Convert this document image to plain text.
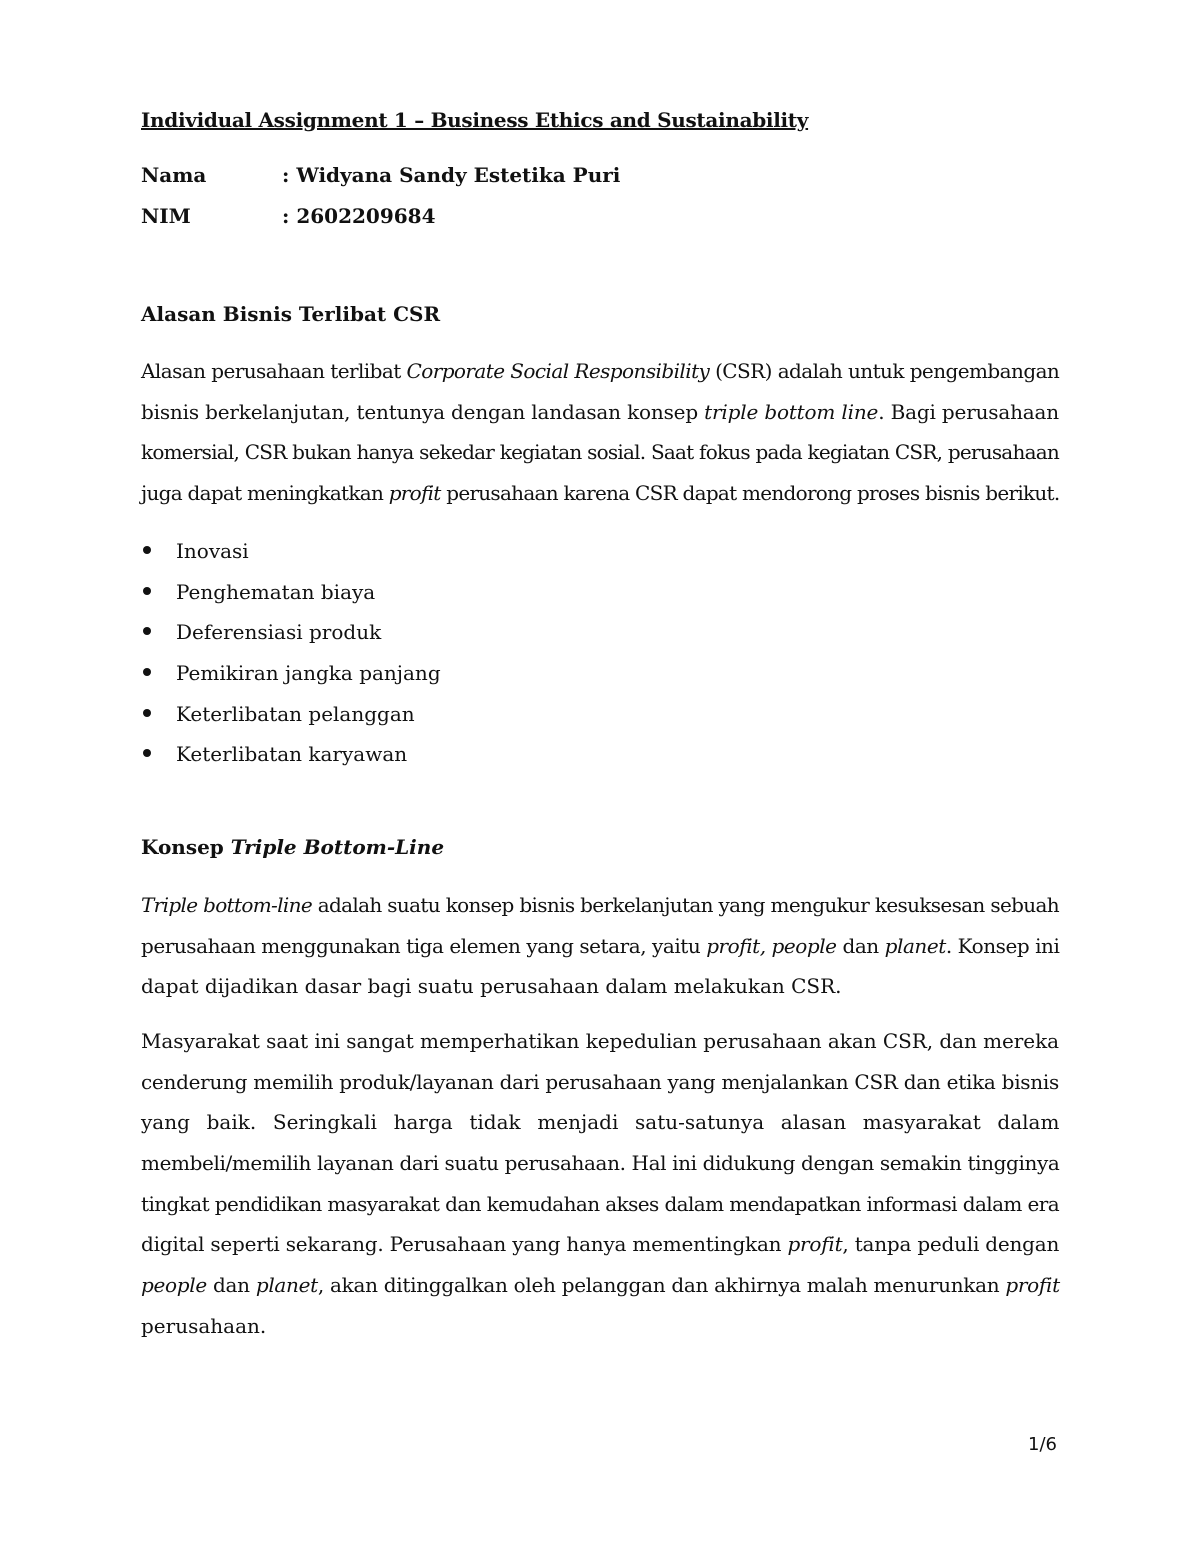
Individual Assignment 1 – Business Ethics and Sustainability
Nama	: Widyana Sandy Estetika Puri
NIM	: 2602209684
Alasan Bisnis Terlibat CSR
Alasan perusahaan terlibat Corporate Social Responsibility (CSR) adalah untuk pengembangan
bisnis berkelanjutan, tentunya dengan landasan konsep triple bottom line. Bagi perusahaan
komersial, CSR bukan hanya sekedar kegiatan sosial. Saat fokus pada kegiatan CSR, perusahaan
juga dapat meningkatkan profit perusahaan karena CSR dapat mendorong proses bisnis berikut.
Inovasi
Penghematan biaya
Deferensiasi produk
Pemikiran jangka panjang
Keterlibatan pelanggan
Keterlibatan karyawan
Konsep Triple Bottom-Line
Triple bottom-line adalah suatu konsep bisnis berkelanjutan yang mengukur kesuksesan sebuah
perusahaan menggunakan tiga elemen yang setara, yaitu profit, people dan planet. Konsep ini
dapat dijadikan dasar bagi suatu perusahaan dalam melakukan CSR.
Masyarakat saat ini sangat memperhatikan kepedulian perusahaan akan CSR, dan mereka
cenderung memilih produk/layanan dari perusahaan yang menjalankan CSR dan etika bisnis
yang baik. Seringkali harga tidak menjadi satu-satunya alasan masyarakat dalam
membeli/memilih layanan dari suatu perusahaan. Hal ini didukung dengan semakin tingginya
tingkat pendidikan masyarakat dan kemudahan akses dalam mendapatkan informasi dalam era
digital seperti sekarang. Perusahaan yang hanya mementingkan profit, tanpa peduli dengan
people dan planet, akan ditinggalkan oleh pelanggan dan akhirnya malah menurunkan profit
perusahaan.
1/6
